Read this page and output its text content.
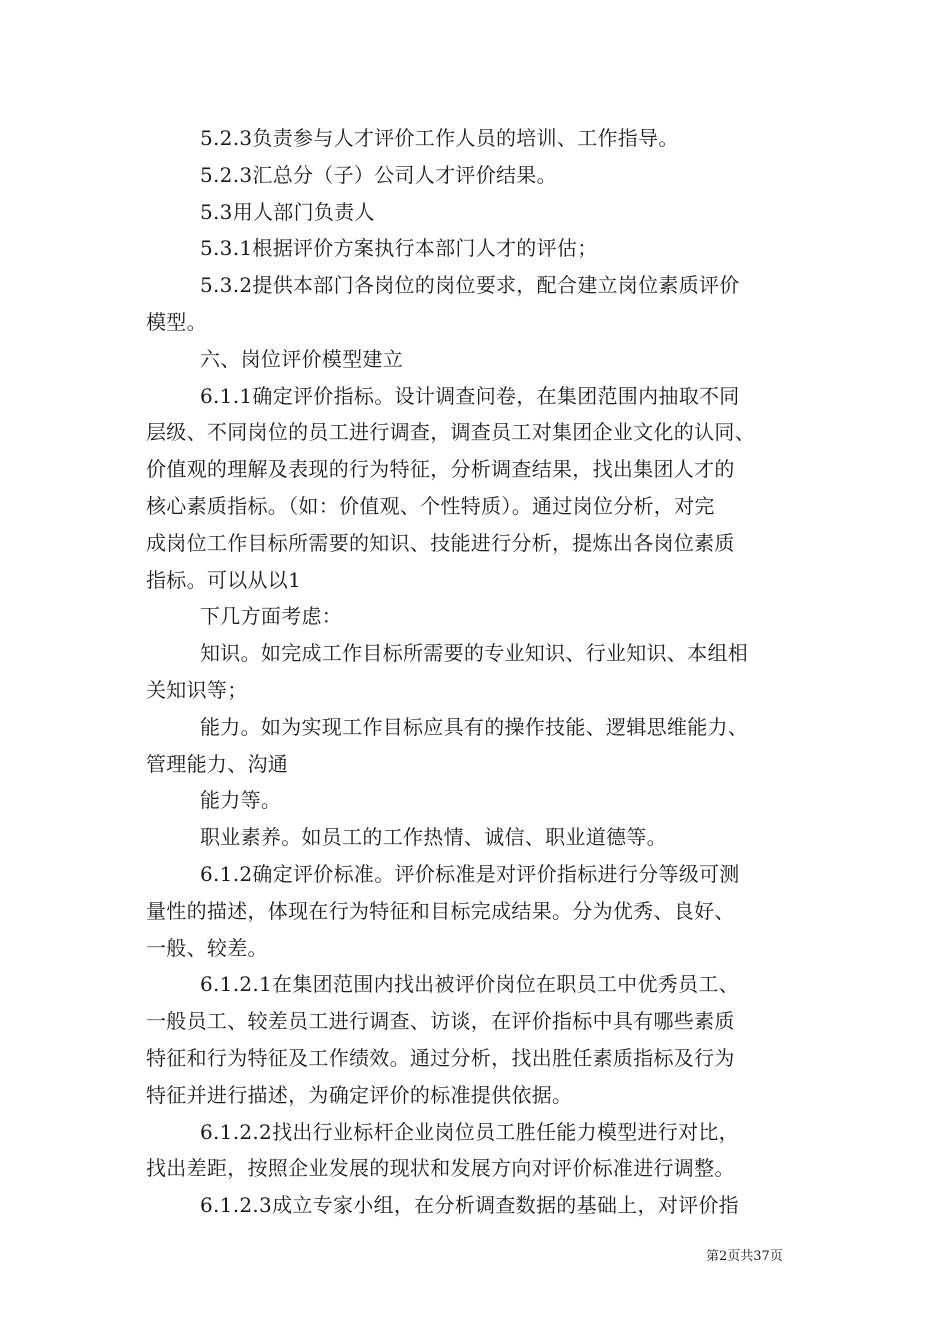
5.2.3负责参与人才评价工作人员的培训、工作指导。
5.2.3汇总分（子）公司人才评价结果。
5.3用人部门负责人
5.3.1根据评价方案执行本部门人才的评估；
5.3.2提供本部门各岗位的岗位要求，配合建立岗位素质评价
模型。
六、岗位评价模型建立
6.1.1确定评价指标。设计调查问卷，在集团范围内抽取不同
层级、不同岗位的员工进行调查，调查员工对集团企业文化的认同、
价值观的理解及表现的行为特征，分析调查结果，找出集团人才的
核心素质指标。（如：价值观、个性特质）。通过岗位分析，对完
成岗位工作目标所需要的知识、技能进行分析，提炼出各岗位素质
指标。可以从以1
下几方面考虑：
知识。如完成工作目标所需要的专业知识、行业知识、本组相
关知识等；
能力。如为实现工作目标应具有的操作技能、逻辑思维能力、
管理能力、沟通
能力等。
职业素养。如员工的工作热情、诚信、职业道德等。
6.1.2确定评价标准。评价标准是对评价指标进行分等级可测
量性的描述，体现在行为特征和目标完成结果。分为优秀、良好、
一般、较差。
6.1.2.1在集团范围内找出被评价岗位在职员工中优秀员工、
一般员工、较差员工进行调查、访谈，在评价指标中具有哪些素质
特征和行为特征及工作绩效。通过分析，找出胜任素质指标及行为
特征并进行描述，为确定评价的标准提供依据。
6.1.2.2找出行业标杆企业岗位员工胜任能力模型进行对比，
找出差距，按照企业发展的现状和发展方向对评价标准进行调整。
6.1.2.3成立专家小组，在分析调查数据的基础上，对评价指
第2页共37页
